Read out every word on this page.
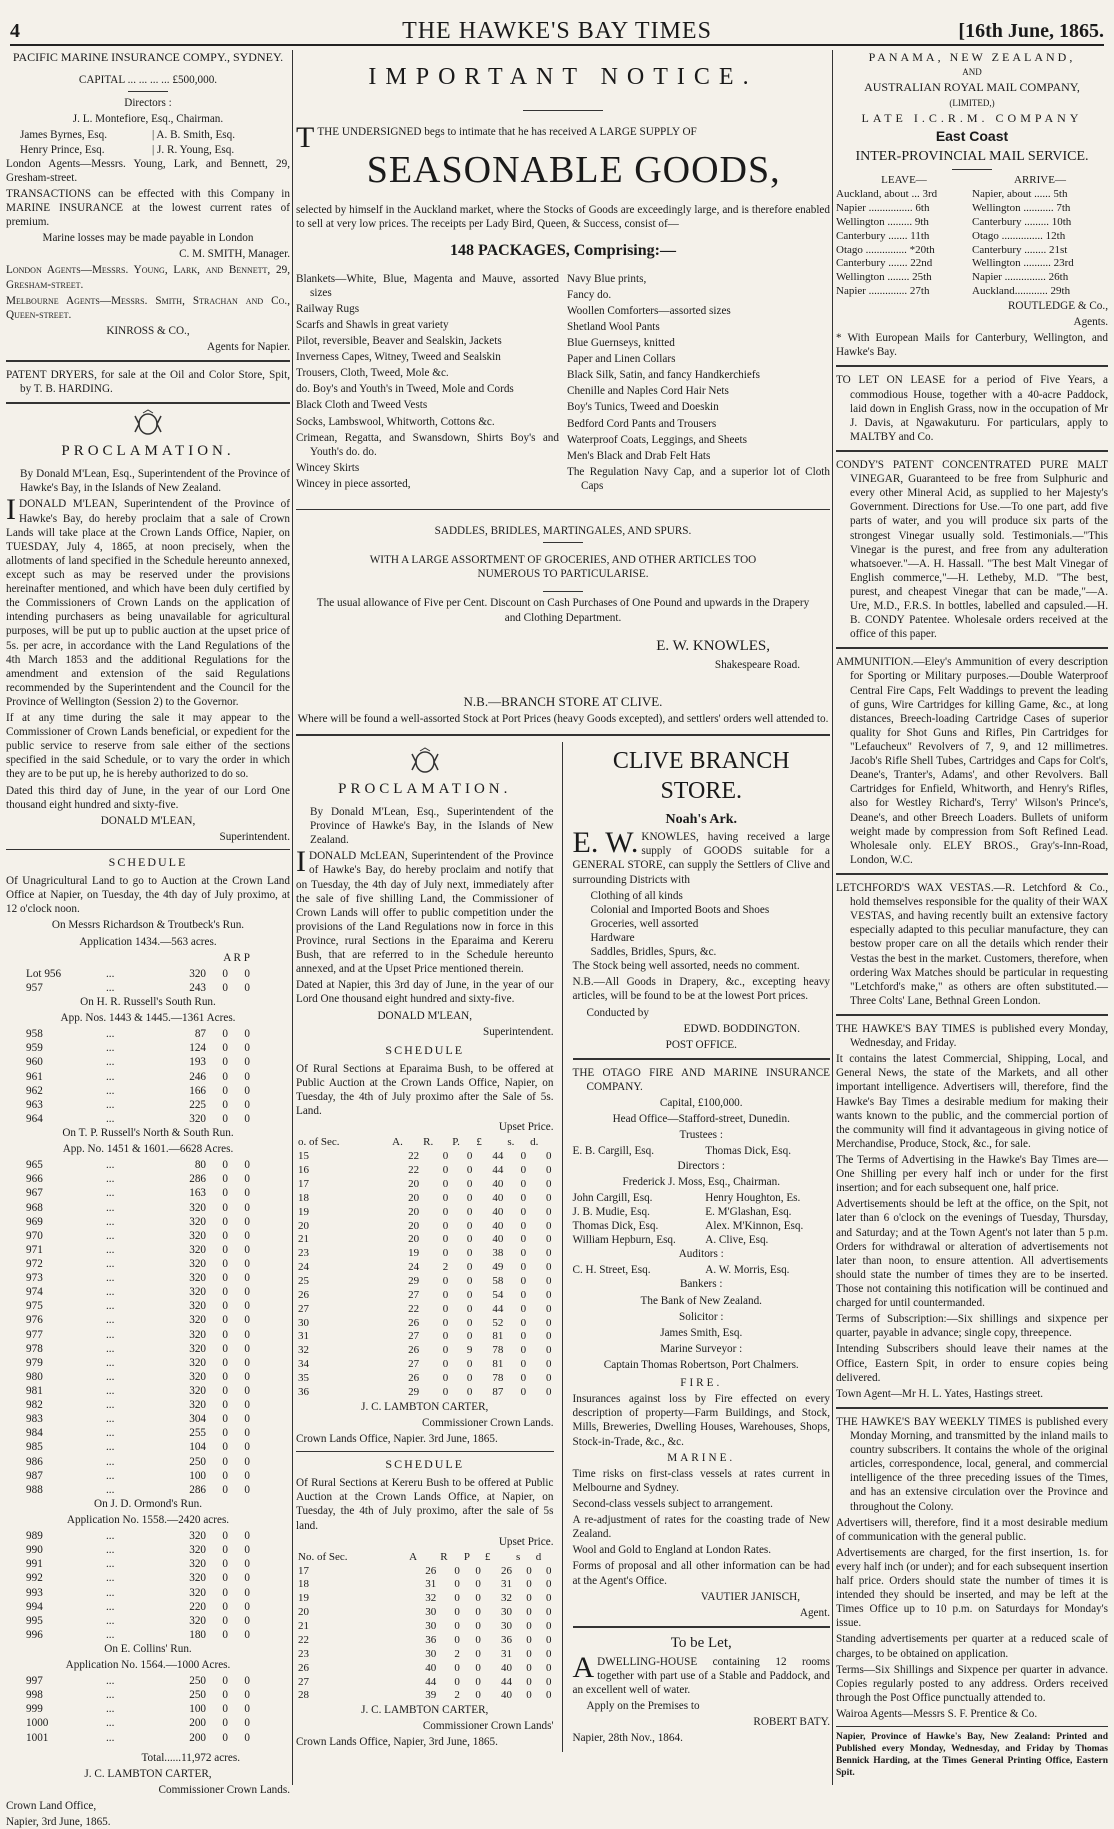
4	THE HAWKE'S BAY TIMES	[16th June, 1865.

PACIFIC MARINE INSURANCE COMPY., SYDNEY.

CAPITAL ... ... ... ... £500,000.

Directors :

J. L. Montefiore, Esq., Chairman.

James Byrnes, Esq.	| A. B. Smith, Esq.
Henry Prince, Esq.	| J. R. Young, Esq.

London Agents—Messrs. Young, Lark, and Bennett, 29, Gresham-street.

TRANSACTIONS can be effected with this Company in MARINE INSURANCE at the lowest current rates of premium.

Marine losses may be made payable in London

C. M. SMITH, Manager.

London Agents—Messrs. Young, Lark, and Bennett, 29, Gresham-street.

Melbourne Agents—Messrs. Smith, Strachan and Co., Queen-street.

KINROSS & CO.,

Agents for Napier.

PATENT DRYERS, for sale at the Oil and Color Store, Spit, by T. B. HARDING.

PROCLAMATION.

By Donald M'Lean, Esq., Superintendent of the Province of Hawke's Bay, in the Islands of New Zealand.

IDONALD M'LEAN, Superintendent of the Province of Hawke's Bay, do hereby proclaim that a sale of Crown Lands will take place at the Crown Lands Office, Napier, on TUESDAY, July 4, 1865, at noon precisely, when the allotments of land specified in the Schedule hereunto annexed, except such as may be reserved under the provisions hereinafter mentioned, and which have been duly certified by the Commissioners of Crown Lands on the application of intending purchasers as being unavailable for agricultural purposes, will be put up to public auction at the upset price of 5s. per acre, in accordance with the Land Regulations of the 4th March 1853 and the additional Regulations for the amendment and extension of the said Regulations recommended by the Superintendent and the Council for the Province of Wellington (Session 2) to the Governor.

If at any time during the sale it may appear to the Commissioner of Crown Lands beneficial, or expedient for the public service to reserve from sale either of the sections specified in the said Schedule, or to vary the order in which they are to be put up, he is hereby authorized to do so.

Dated this third day of June, in the year of our Lord One thousand eight hundred and sixty-five.

DONALD M'LEAN,

Superintendent.

SCHEDULE

Of Unagricultural Land to go to Auction at the Crown Land Office at Napier, on Tuesday, the 4th day of July proximo, at 12 o'clock noon.

On Messrs Richardson & Troutbeck's Run.

Application 1434.—563 acres.

A R P

Lot 956	...	320	0	0
957	...	243	0	0

On H. R. Russell's South Run.

App. Nos. 1443 & 1445.—1361 Acres.

958	...	87	0	0
959	...	124	0	0
960	...	193	0	0
961	...	246	0	0
962	...	166	0	0
963	...	225	0	0
964	...	320	0	0

On T. P. Russell's North & South Run.

App. No. 1451 & 1601.—6628 Acres.

965	...	80	0	0
966	...	286	0	0
967	...	163	0	0
968	...	320	0	0
969	...	320	0	0
970	...	320	0	0
971	...	320	0	0
972	...	320	0	0
973	...	320	0	0
974	...	320	0	0
975	...	320	0	0
976	...	320	0	0
977	...	320	0	0
978	...	320	0	0
979	...	320	0	0
980	...	320	0	0
981	...	320	0	0
982	...	320	0	0
983	...	304	0	0
984	...	255	0	0
985	...	104	0	0
986	...	250	0	0
987	...	100	0	0
988	...	286	0	0

On J. D. Ormond's Run.

Application No. 1558.—2420 acres.

989	...	320	0	0
990	...	320	0	0
991	...	320	0	0
992	...	320	0	0
993	...	320	0	0
994	...	220	0	0
995	...	320	0	0
996	...	180	0	0

On E. Collins' Run.

Application No. 1564.—1000 Acres.

997	...	250	0	0
998	...	250	0	0
999	...	100	0	0
1000	...	200	0	0
1001	...	200	0	0

Total......11,972 acres.

J. C. LAMBTON CARTER,

Commissioner Crown Lands.

Crown Land Office,

Napier, 3rd June, 1865.

IMPORTANT NOTICE.

TTHE UNDERSIGNED begs to intimate that he has received A LARGE SUPPLY OF

SEASONABLE GOODS,

selected by himself in the Auckland market, where the Stocks of Goods are exceedingly large, and is therefore enabled to sell at very low prices. The receipts per Lady Bird, Queen, & Success, consist of—

148 PACKAGES, Comprising:—

Blankets—White, Blue, Magenta and Mauve, assorted sizes

Railway Rugs

Scarfs and Shawls in great variety

Pilot, reversible, Beaver and Sealskin, Jackets

Inverness Capes, Witney, Tweed and Sealskin

Trousers, Cloth, Tweed, Mole &c.

do. Boy's and Youth's in Tweed, Mole and Cords

Black Cloth and Tweed Vests

Socks, Lambswool, Whitworth, Cottons &c.

Crimean, Regatta, and Swansdown, Shirts Boy's and Youth's do. do.

Wincey Skirts

Wincey in piece assorted,

Navy Blue prints,

Fancy do.

Woollen Comforters—assorted sizes

Shetland Wool Pants

Blue Guernseys, knitted

Paper and Linen Collars

Black Silk, Satin, and fancy Handkerchiefs

Chenille and Naples Cord Hair Nets

Boy's Tunics, Tweed and Doeskin

Bedford Cord Pants and Trousers

Waterproof Coats, Leggings, and Sheets

Men's Black and Drab Felt Hats

The Regulation Navy Cap, and a superior lot of Cloth Caps

SADDLES, BRIDLES, MARTINGALES, AND SPURS.

WITH A LARGE ASSORTMENT OF GROCERIES, AND OTHER ARTICLES TOO NUMEROUS TO PARTICULARISE.

The usual allowance of Five per Cent. Discount on Cash Purchases of One Pound and upwards in the Drapery and Clothing Department.

E. W. KNOWLES,

Shakespeare Road.

N.B.—BRANCH STORE AT CLIVE.

Where will be found a well-assorted Stock at Port Prices (heavy Goods excepted), and settlers' orders well attended to.

PROCLAMATION.

By Donald M'Lean, Esq., Superintendent of the Province of Hawke's Bay, in the Islands of New Zealand.

IDONALD McLEAN, Superintendent of the Province of Hawke's Bay, do hereby proclaim and notify that on Tuesday, the 4th day of July next, immediately after the sale of five shilling Land, the Commissioner of Crown Lands will offer to public competition under the provisions of the Land Regulations now in force in this Province, rural Sections in the Eparaima and Kereru Bush, that are referred to in the Schedule hereunto annexed, and at the Upset Price mentioned therein.

Dated at Napier, this 3rd day of June, in the year of our Lord One thousand eight hundred and sixty-five.

DONALD M'LEAN,

Superintendent.

SCHEDULE

Of Rural Sections at Eparaima Bush, to be offered at Public Auction at the Crown Lands Office, Napier, on Tuesday, the 4th of July proximo after the Sale of 5s. Land.

Upset Price.

o. of Sec.	A.	R.	P.	£	s.	d.
15	22	0	0	44	0	0
16	22	0	0	44	0	0
17	20	0	0	40	0	0
18	20	0	0	40	0	0
19	20	0	0	40	0	0
20	20	0	0	40	0	0
21	20	0	0	40	0	0
23	19	0	0	38	0	0
24	24	2	0	49	0	0
25	29	0	0	58	0	0
26	27	0	0	54	0	0
27	22	0	0	44	0	0
30	26	0	0	52	0	0
31	27	0	0	81	0	0
32	26	0	9	78	0	0
34	27	0	0	81	0	0
35	26	0	0	78	0	0
36	29	0	0	87	0	0

J. C. LAMBTON CARTER,

Commissioner Crown Lands.

Crown Lands Office, Napier. 3rd June, 1865.

SCHEDULE

Of Rural Sections at Kereru Bush to be offered at Public Auction at the Crown Lands Office, at Napier, on Tuesday, the 4th of July proximo, after the sale of 5s land.

Upset Price.

No. of Sec.	A	R	P	£	s	d
17	26	0	0	26	0	0
18	31	0	0	31	0	0
19	32	0	0	32	0	0
20	30	0	0	30	0	0
21	30	0	0	30	0	0
22	36	0	0	36	0	0
23	30	2	0	31	0	0
26	40	0	0	40	0	0
27	44	0	0	44	0	0
28	39	2	0	40	0	0

J. C. LAMBTON CARTER,

Commissioner Crown Lands'

Crown Lands Office, Napier, 3rd June, 1865.

CLIVE BRANCH STORE.

Noah's Ark.

E. W. KNOWLES, having received a large supply of GOODS suitable for a GENERAL STORE, can supply the Settlers of Clive and surrounding Districts with

Clothing of all kinds
Colonial and Imported Boots and Shoes
Groceries, well assorted
Hardware
Saddles, Bridles, Spurs, &c.

The Stock being well assorted, needs no comment.

N.B.—All Goods in Drapery, &c., excepting heavy articles, will be found to be at the lowest Port prices.

Conducted by

EDWD. BODDINGTON.

POST OFFICE.

THE OTAGO FIRE AND MARINE INSURANCE COMPANY.

Capital, £100,000.

Head Office—Stafford-street, Dunedin.

Trustees :

E. B. Cargill, Esq.	Thomas Dick, Esq.

Directors :

Frederick J. Moss, Esq., Chairman.

John Cargill, Esq.	Henry Houghton, Es.
J. B. Mudie, Esq.	E. M'Glashan, Esq.
Thomas Dick, Esq.	Alex. M'Kinnon, Esq.
William Hepburn, Esq.	A. Clive, Esq.

Auditors :

C. H. Street, Esq.	A. W. Morris, Esq.

Bankers :

The Bank of New Zealand.

Solicitor :

James Smith, Esq.

Marine Surveyor :

Captain Thomas Robertson, Port Chalmers.

FIRE.

Insurances against loss by Fire effected on every description of property—Farm Buildings, and Stock, Mills, Breweries, Dwelling Houses, Warehouses, Shops, Stock-in-Trade, &c., &c.

MARINE.

Time risks on first-class vessels at rates current in Melbourne and Sydney.

Second-class vessels subject to arrangement.

A re-adjustment of rates for the coasting trade of New Zealand.

Wool and Gold to England at London Rates.

Forms of proposal and all other information can be had at the Agent's Office.

VAUTIER JANISCH,

Agent.

To be Let,

ADWELLING-HOUSE containing 12 rooms together with part use of a Stable and Paddock, and an excellent well of water.

Apply on the Premises to

ROBERT BATY.

Napier, 28th Nov., 1864.

PANAMA, NEW ZEALAND,

AND

AUSTRALIAN ROYAL MAIL COMPANY,

(LIMITED,)

LATE I.C.R.M. COMPANY

East Coast

INTER-PROVINCIAL MAIL SERVICE.

LEAVE—	ARRIVE—
Auckland, about ... 3rd	Napier, about ...... 5th
Napier ................ 6th	Wellington ........... 7th
Wellington ......... 9th	Canterbury ......... 10th
Canterbury ....... 11th	Otago ............... 12th
Otago ............... *20th	Canterbury ........ 21st
Canterbury ....... 22nd	Wellington .......... 23rd
Wellington ........ 25th	Napier ............... 26th
Napier .............. 27th	Auckland............ 29th

ROUTLEDGE & Co.,

Agents.

* With European Mails for Canterbury, Wellington, and Hawke's Bay.

TO LET ON LEASE for a period of Five Years, a commodious House, together with a 40-acre Paddock, laid down in English Grass, now in the occupation of Mr J. Davis, at Ngawakuturu. For particulars, apply to MALTBY and Co.

CONDY'S PATENT CONCENTRATED PURE MALT VINEGAR, Guaranteed to be free from Sulphuric and every other Mineral Acid, as supplied to her Majesty's Government. Directions for Use.—To one part, add five parts of water, and you will produce six parts of the strongest Vinegar usually sold. Testimonials.—"This Vinegar is the purest, and free from any adulteration whatsoever."—A. H. Hassall. "The best Malt Vinegar of English commerce,"—H. Letheby, M.D. "The best, purest, and cheapest Vinegar that can be made,"—A. Ure, M.D., F.R.S. In bottles, labelled and capsuled.—H. B. CONDY Patentee. Wholesale orders received at the office of this paper.

AMMUNITION.—Eley's Ammunition of every description for Sporting or Military purposes.—Double Waterproof Central Fire Caps, Felt Waddings to prevent the leading of guns, Wire Cartridges for killing Game, &c., at long distances, Breech-loading Cartridge Cases of superior quality for Shot Guns and Rifles, Pin Cartridges for "Lefaucheux" Revolvers of 7, 9, and 12 millimetres. Jacob's Rifle Shell Tubes, Cartridges and Caps for Colt's, Deane's, Tranter's, Adams', and other Revolvers. Ball Cartridges for Enfield, Whitworth, and Henry's Rifles, also for Westley Richard's, Terry' Wilson's Prince's, Deane's, and other Breech Loaders. Bullets of uniform weight made by compression from Soft Refined Lead. Wholesale only. ELEY BROS., Gray's-Inn-Road, London, W.C.

LETCHFORD'S WAX VESTAS.—R. Letchford & Co., hold themselves responsible for the quality of their WAX VESTAS, and having recently built an extensive factory especially adapted to this peculiar manufacture, they can bestow proper care on all the details which render their Vestas the best in the market. Customers, therefore, when ordering Wax Matches should be particular in requesting "Letchford's make," as others are often substituted.—Three Colts' Lane, Bethnal Green London.

THE HAWKE'S BAY TIMES is published every Monday, Wednesday, and Friday.

It contains the latest Commercial, Shipping, Local, and General News, the state of the Markets, and all other important intelligence. Advertisers will, therefore, find the Hawke's Bay Times a desirable medium for making their wants known to the public, and the commercial portion of the community will find it advantageous in giving notice of Merchandise, Produce, Stock, &c., for sale.

The Terms of Advertising in the Hawke's Bay Times are—One Shilling per every half inch or under for the first insertion; and for each subsequent one, half price.

Advertisements should be left at the office, on the Spit, not later than 6 o'clock on the evenings of Tuesday, Thursday, and Saturday; and at the Town Agent's not later than 5 p.m. Orders for withdrawal or alteration of advertisements not later than noon, to ensure attention. All advertisements should state the number of times they are to be inserted. Those not containing this notification will be continued and charged for until countermanded.

Terms of Subscription:—Six shillings and sixpence per quarter, payable in advance; single copy, threepence.

Intending Subscribers should leave their names at the Office, Eastern Spit, in order to ensure copies being delivered.

Town Agent—Mr H. L. Yates, Hastings street.

THE HAWKE'S BAY WEEKLY TIMES is published every Monday Morning, and transmitted by the inland mails to country subscribers. It contains the whole of the original articles, correspondence, local, general, and commercial intelligence of the three preceding issues of the Times, and has an extensive circulation over the Province and throughout the Colony.

Advertisers will, therefore, find it a most desirable medium of communication with the general public.

Advertisements are charged, for the first insertion, 1s. for every half inch (or under); and for each subsequent insertion half price. Orders should state the number of times it is intended they should be inserted, and may be left at the Times Office up to 10 p.m. on Saturdays for Monday's issue.

Standing advertisements per quarter at a reduced scale of charges, to be obtained on application.

Terms—Six Shillings and Sixpence per quarter in advance. Copies regularly posted to any address. Orders received through the Post Office punctually attended to.

Wairoa Agents—Messrs S. F. Prentice & Co.

Napier, Province of Hawke's Bay, New Zealand: Printed and Published every Monday, Wednesday, and Friday by Thomas Bennick Harding, at the Times General Printing Office, Eastern Spit.
